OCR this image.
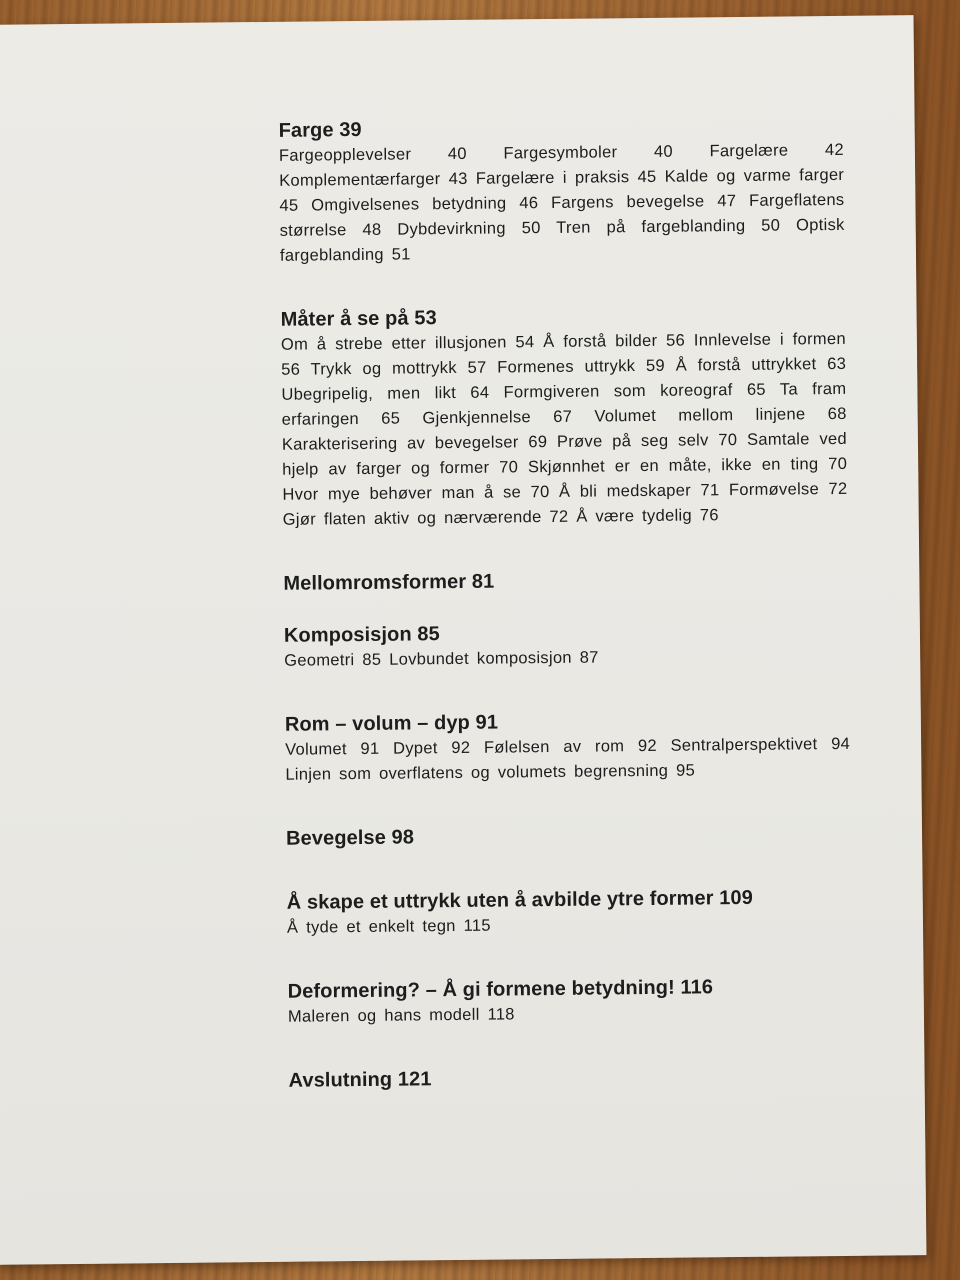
Farge 39

Fargeopplevelser 40 Fargesymboler 40 Fargelære 42 Komplementærfarger 43 Fargelære i praksis 45 Kalde og varme farger 45 Omgivelsenes betydning 46 Fargens bevegelse 47 Fargeflatens størrelse 48 Dybdevirkning 50 Tren på fargeblanding 50 Optisk fargeblanding 51

Måter å se på 53

Om å strebe etter illusjonen 54 Å forstå bilder 56 Innlevelse i formen 56 Trykk og mottrykk 57 Formenes uttrykk 59 Å forstå uttrykket 63 Ubegripelig, men likt 64 Formgiveren som koreograf 65 Ta fram erfaringen 65 Gjenkjennelse 67 Volumet mellom linjene 68 Karakterisering av bevegelser 69 Prøve på seg selv 70 Samtale ved hjelp av farger og former 70 Skjønnhet er en måte, ikke en ting 70 Hvor mye behøver man å se 70 Å bli medskaper 71 Formøvelse 72 Gjør flaten aktiv og nærværende 72 Å være tydelig 76

Mellomromsformer 81
Komposisjon 85

Geometri 85 Lovbundet komposisjon 87

Rom – volum – dyp 91

Volumet 91 Dypet 92 Følelsen av rom 92 Sentralperspektivet 94 Linjen som overflatens og volumets begrensning 95

Bevegelse 98
Å skape et uttrykk uten å avbilde ytre former 109

Å tyde et enkelt tegn 115

Deformering? – Å gi formene betydning! 116

Maleren og hans modell 118

Avslutning 121
